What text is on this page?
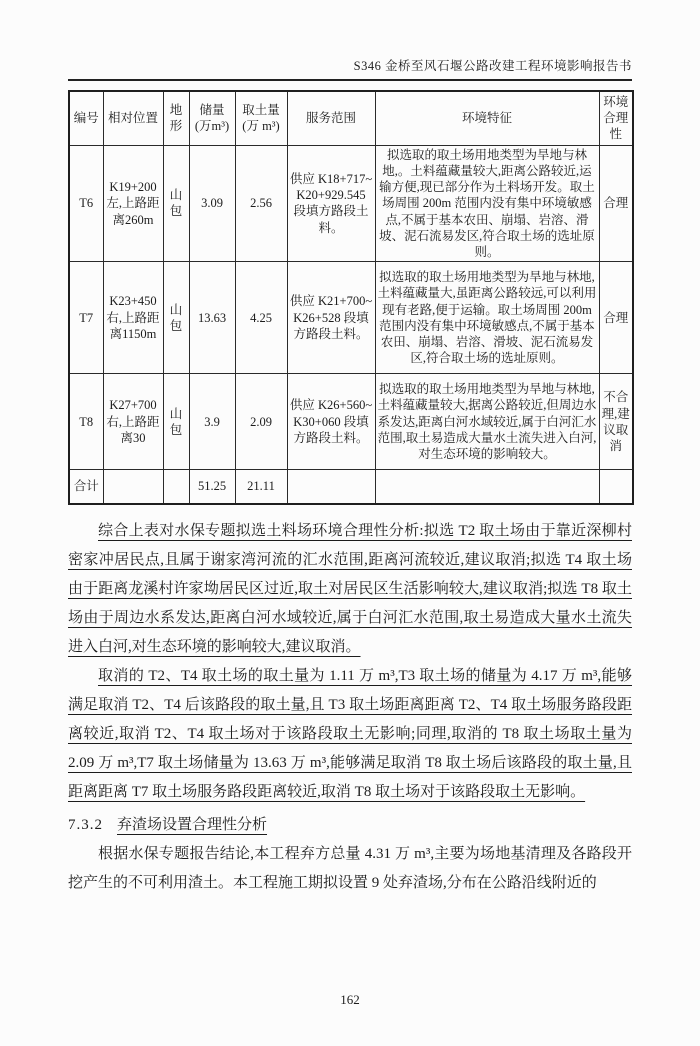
S346 金桥至风石堰公路改建工程环境影响报告书
编号	相对位置	地形	储量(万m³)	取土量(万 m³)	服务范围	环境特征	环境合理性
T6	K19+200 左,上路距离260m	山包	3.09	2.56	供应 K18+717~ K20+929.545 段填方路段土料。	拟选取的取土场用地类型为旱地与林地,。土料蕴藏量较大,距离公路较近,运输方便,现已部分作为土料场开发。取土场周围 200m 范围内没有集中环境敏感点,不属于基本农田、崩塌、岩溶、滑坡、泥石流易发区,符合取土场的选址原则。	合理
T7	K23+450 右,上路距离1150m	山包	13.63	4.25	供应 K21+700~ K26+528 段填方路段土料。	拟选取的取土场用地类型为旱地与林地,土料蕴藏量大,虽距离公路较远,可以利用现有老路,便于运输。取土场周围 200m 范围内没有集中环境敏感点,不属于基本农田、崩塌、岩溶、滑坡、泥石流易发区,符合取土场的选址原则。	合理
T8	K27+700 右,上路距离30	山包	3.9	2.09	供应 K26+560~K30+060 段填方路段土料。	拟选取的取土场用地类型为旱地与林地,土料蕴藏量较大,据离公路较近,但周边水系发达,距离白河水域较近,属于白河汇水范围,取土易造成大量水土流失进入白河,对生态环境的影响较大。	不合理,建议取消
合计			51.25	21.11			

综合上表对水保专题拟选土料场环境合理性分析:拟选 T2 取土场由于靠近深柳村密家冲居民点,且属于谢家湾河流的汇水范围,距离河流较近,建议取消;拟选 T4 取土场由于距离龙溪村许家坳居民区过近,取土对居民区生活影响较大,建议取消;拟选 T8 取土场由于周边水系发达,距离白河水域较近,属于白河汇水范围,取土易造成大量水土流失进入白河,对生态环境的影响较大,建议取消。

取消的 T2、T4 取土场的取土量为 1.11 万 m³,T3 取土场的储量为 4.17 万 m³,能够满足取消 T2、T4 后该路段的取土量,且 T3 取土场距离距离 T2、T4 取土场服务路段距离较近,取消 T2、T4 取土场对于该路段取土无影响;同理,取消的 T8 取土场取土量为 2.09 万 m³,T7 取土场储量为 13.63 万 m³,能够满足取消 T8 取土场后该路段的取土量,且距离距离 T7 取土场服务路段距离较近,取消 T8 取土场对于该路段取土无影响。

7.3.2 弃渣场设置合理性分析

根据水保专题报告结论,本工程弃方总量 4.31 万 m³,主要为场地基清理及各路段开挖产生的不可利用渣土。本工程施工期拟设置 9 处弃渣场,分布在公路沿线附近的

162
